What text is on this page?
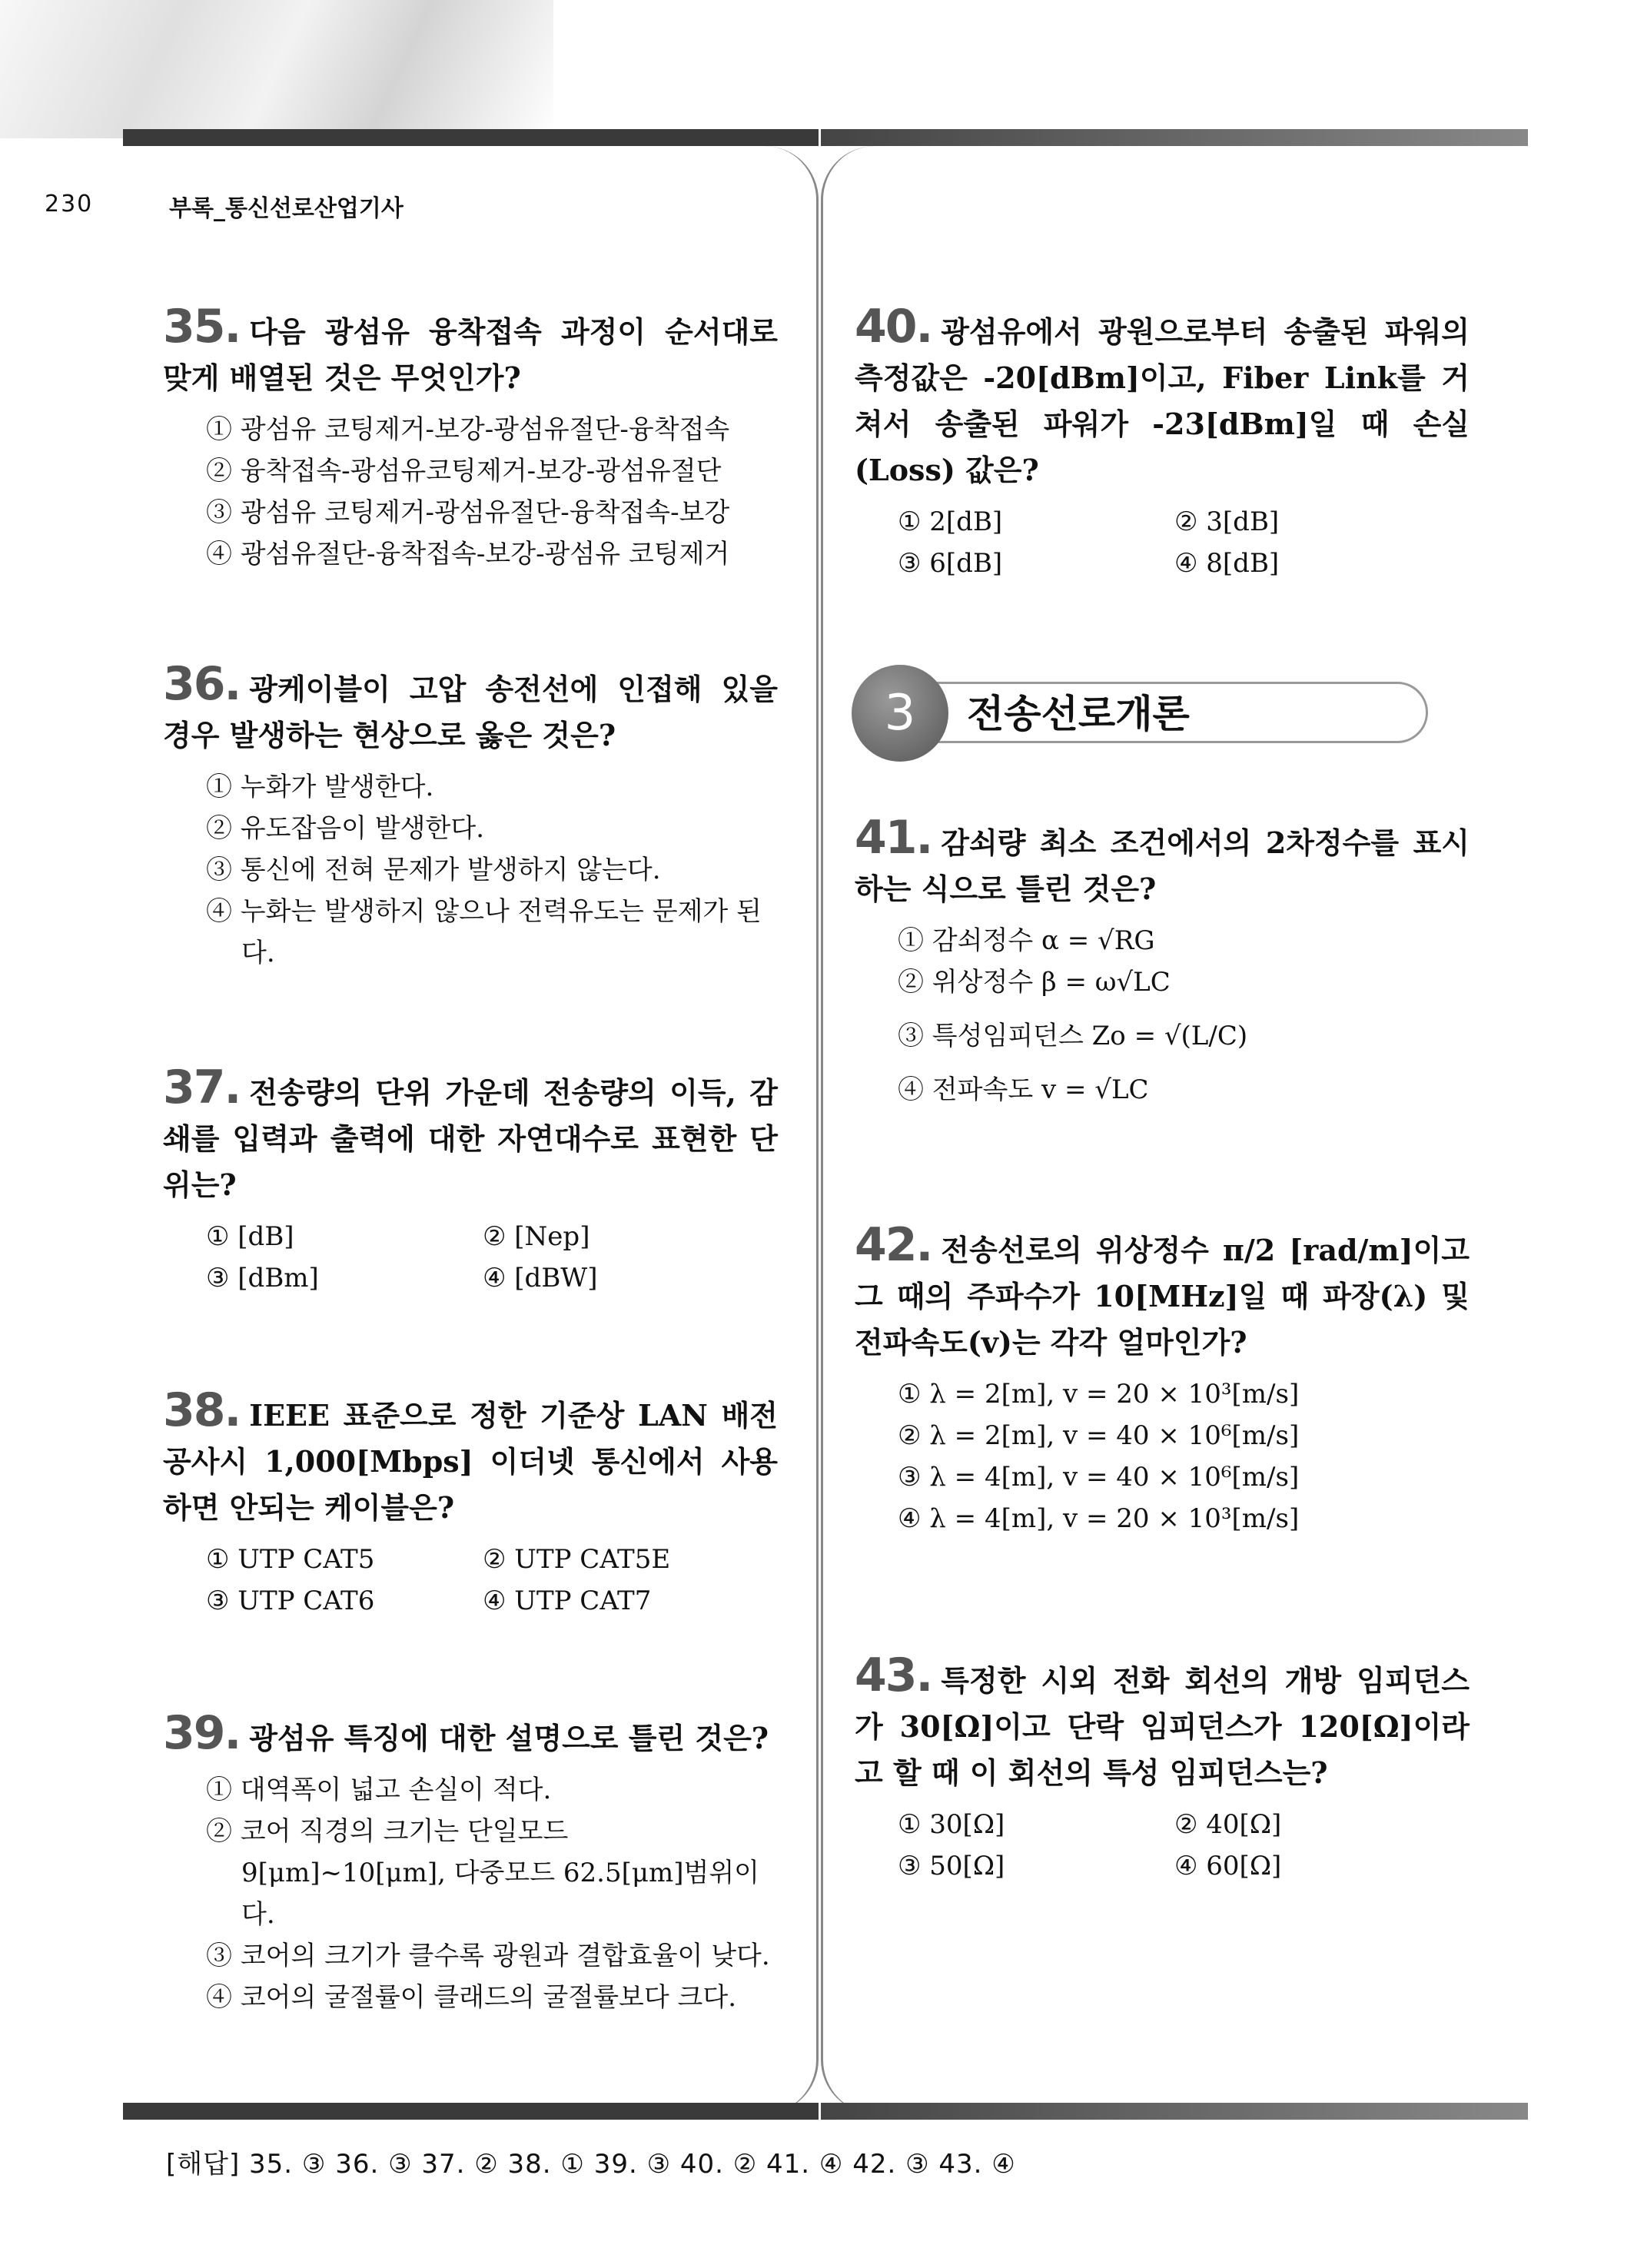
230	부록_통신선로산업기사
35. 다음 광섬유 융착접속 과정이 순서대로 맞게 배열된 것은 무엇인가?
① 광섬유 코팅제거-보강-광섬유절단-융착접속
② 융착접속-광섬유코팅제거-보강-광섬유절단
③ 광섬유 코팅제거-광섬유절단-융착접속-보강
④ 광섬유절단-융착접속-보강-광섬유 코팅제거
36. 광케이블이 고압 송전선에 인접해 있을 경우 발생하는 현상으로 옳은 것은?
① 누화가 발생한다.
② 유도잡음이 발생한다.
③ 통신에 전혀 문제가 발생하지 않는다.
④ 누화는 발생하지 않으나 전력유도는 문제가 된다.
37. 전송량의 단위 가운데 전송량의 이득, 감쇄를 입력과 출력에 대한 자연대수로 표현한 단위는?
① [dB]	② [Nep]
③ [dBm]	④ [dBW]
38. IEEE 표준으로 정한 기준상 LAN 배전공사시 1,000[Mbps] 이더넷 통신에서 사용하면 안되는 케이블은?
① UTP CAT5	② UTP CAT5E
③ UTP CAT6	④ UTP CAT7
39. 광섬유 특징에 대한 설명으로 틀린 것은?
① 대역폭이 넓고 손실이 적다.
② 코어 직경의 크기는 단일모드 9[μm]~10[μm], 다중모드 62.5[μm]범위이다.
③ 코어의 크기가 클수록 광원과 결합효율이 낮다.
④ 코어의 굴절률이 클래드의 굴절률보다 크다.
40. 광섬유에서 광원으로부터 송출된 파워의 측정값은 -20[dBm]이고, Fiber Link를 거쳐서 송출된 파워가 -23[dBm]일 때 손실(Loss) 값은?
① 2[dB]	② 3[dB]
③ 6[dB]	④ 8[dB]
3	전송선로개론
41. 감쇠량 최소 조건에서의 2차정수를 표시하는 식으로 틀린 것은?
① 감쇠정수 α = √RG
② 위상정수 β = ω√LC
③ 특성임피던스 Zo = √(L/C)
④ 전파속도 v = √LC
42. 전송선로의 위상정수 π/2 [rad/m]이고 그 때의 주파수가 10[MHz]일 때 파장(λ) 및 전파속도(v)는 각각 얼마인가?
① λ = 2[m], v = 20 × 10³[m/s]
② λ = 2[m], v = 40 × 10⁶[m/s]
③ λ = 4[m], v = 40 × 10⁶[m/s]
④ λ = 4[m], v = 20 × 10³[m/s]
43. 특정한 시외 전화 회선의 개방 임피던스가 30[Ω]이고 단락 임피던스가 120[Ω]이라고 할 때 이 회선의 특성 임피던스는?
① 30[Ω]	② 40[Ω]
③ 50[Ω]	④ 60[Ω]
[해답] 35. ③ 36. ③ 37. ② 38. ① 39. ③ 40. ② 41. ④ 42. ③ 43. ④
